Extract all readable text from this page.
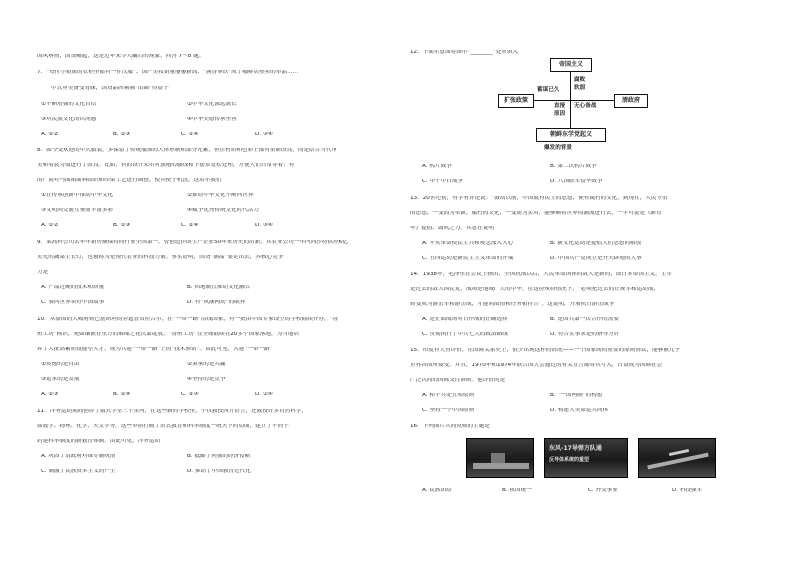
国风赛热、国货崛起，这是近年来令人瞩目的现象。回答 7～8 题。
7．“每位小姐姐的衣柜里都有一件汉服”、国产美妆销量屡屡新高、“酱香拿铁”成了咖啡店热卖的单品……
中式审美备受青睐，国货品牌频频“出圈”得益于
①不断增强的文化自信	②中华文化源远流长
③对民族文化的认同感	④中华美德传承至善
A. ①②	B. ①③	C. ②④	D. ③④
8．如今受欢迎的中式服装，多保留了传统服饰的大体形制和部分元素，但在材质和色彩上都有重新改良，而是结合当代审
美和着装习惯进行了改良。比如，有的设计采用对旗袍的腰线和下摆常宽松处理，方便人们日常穿着；有
的厂商对马面裙面料组织和印染工艺进行调整，使其便于机洗。这启示我们
①在传承创新中推动中华文化	②推动中华文化不断向世界
③文明因交流互鉴而丰富多彩	④赋予优秀传统文化时代活力
A. ①②	B. ①③	C. ②④	D. ③④
9．某高科公司去年年销售额保持同行业全国第一，曾创造伊朗生产企业50年来历史的出新，其农业公司一年内向沙特供应6亿
美元的蔬菜生长灯，也被称为是现代农业的科技力量。事实证明，国货“潮品”要走出去，其核心竞争
力是
A. 产品过硬的技术和质量	B. 因地制宜推动文化融合
C. 要向世界讲好中国故事	D. 有“风潮两动”的眼界
10．从泰国的大城府到巴基斯坦的旁遮普省拉合尔，在“一带一路”沿线国家，有一批由中国专家设立的学校陆续开办，“鲁
班工坊”标识，宛如镶嵌在东方的璀璨之花次第绽放。“鲁班工坊”在全球陆续在20多个国家落地，为当地培
养了大批高素质技能型人才，成为共建“一带一路”上的“技术驿站”。由此可见，共建“一带一路”
①传递的是自由	②秉承的是共赢
③追求的是发展	④坚持的是竞争
A. ①③	B. ①④	C. ②③	D. ②④
11．洋务运动期间创办了数式学堂三十余所，在这些新的学校里，不仅教授西方语言，还教授许多自然科学，
如数学、物理、化学、天文学等。这些举措打破了旧式教育和科举制度一统天下的局面，建立了不同于
封建科举制度的新教育体制。由此可见，洋务运动
A. 巩固了清政府对维专制统治	B. 抵御了列强的经济侵略
C. 制激了民族资本主义的产生	D. 推动了中国教育近代化
12．下面示意图将图中“________”处应填入
帝国主义
扩张政策	清政府
朝鲜东学党起义
蓄谋已久
腐败
软弱
直接
原因
无心备战
爆发的背景
A. 鸦片战争	B. 第二次鸦片战争
C. 甲午中日战争	D. 八国联军侵华战争
13．20世纪初，有学者评论说：“鼓动以前，中国就有民主的思想，便有腐朽的文化，到现在，人民守旧
的思想，一变而为革新，腐朽的文化，一变而为实用，能够顺着世界的潮流进行去，一半可说是《新青
年》提倡、鼓吹之力。”其意在说明
A. 辛亥革命使民主共和观念深入人心	B. 新文化运动是提倡人们思想的解放
C. 五四运动是新民主主义革命的开端	D. 中国共产党成立是开天辟地的大事
14．1938年，毛泽东在会议上指出，全国抗战以后，人民革命国体的敌人是新的，即日本帝国主义，主军
是过去的敌人国民党，战场是地域广大的中华。在这特殊特情况下，“必须把过去的正规军和运动战，
转变成为游击军和游击战，才能同敌情和任务相符合”。这说明，开展抗日游击战争
A. 是正面战场对日作战的正确选择	B. 是国共第一次合作的需要
C. 贯彻执行了中共七大的政治路线	D. 符合实事求是的指导方针
15．印度有人曾评价，在国际关系史上，很少出现这样的情况——一个国家间的重要的原则协议，能够被几乎
世界各国所接受，并且，1970年和1974年联合国大会通过的有关宣言都将其写入，日益成为国际社会
广泛认同的国际交往准则。他评价的是
A. 和平共处五项原则	B. “一国两制”的构想
C. 坚持一个中国原则	D. 构建人类命运共同体
16．下列图片共同反映的主题是
东风-17导弹方队通
反导体系统的重型
A. 民族团结	B. 祖国统一	C. 外交事业	D. 科技强军
